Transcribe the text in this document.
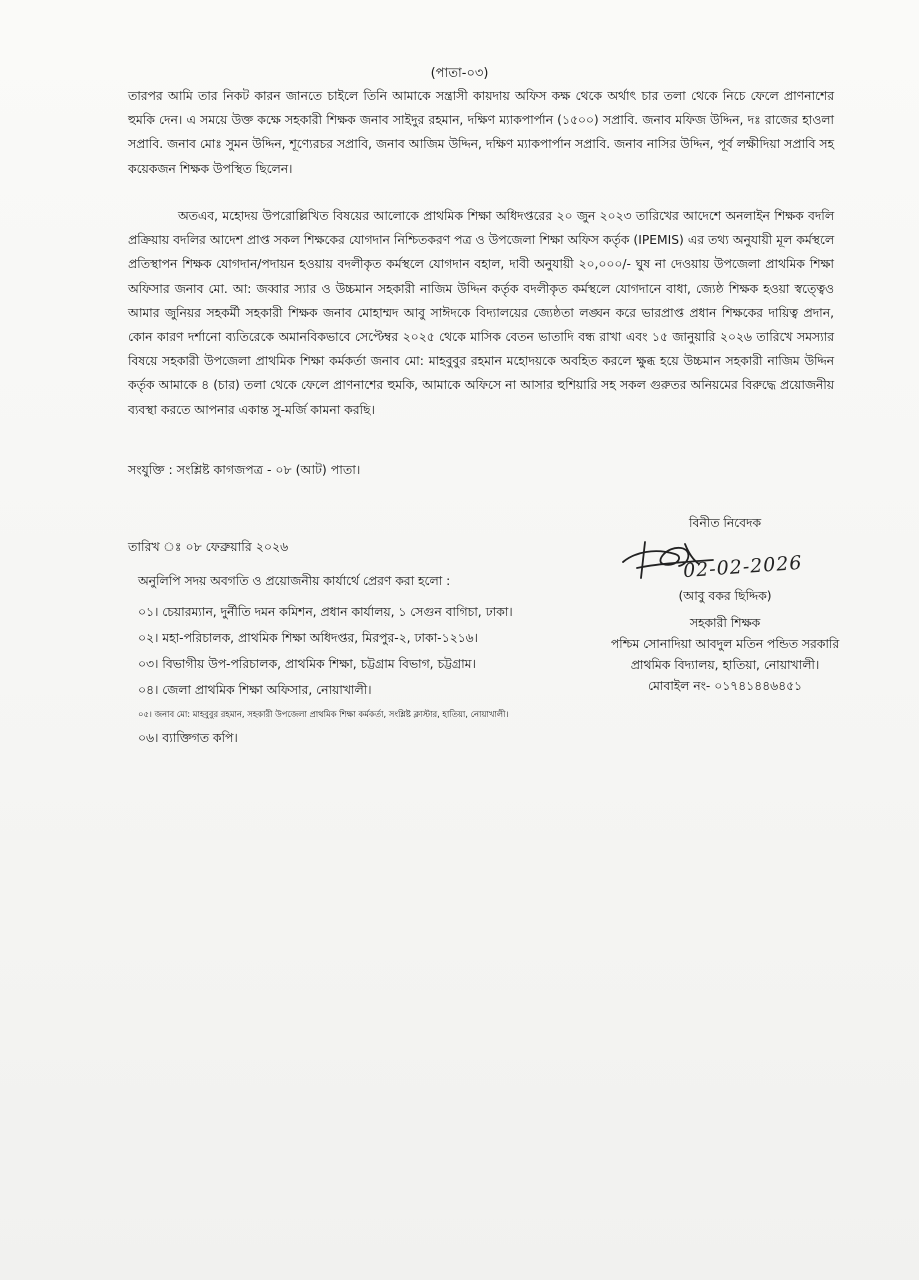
(পাতা-০৩)

তারপর আমি তার নিকট কারন জানতে চাইলে তিনি আমাকে সন্ত্রাসী কায়দায় অফিস কক্ষ থেকে অর্থাৎ চার তলা থেকে নিচে ফেলে প্রাণনাশের হুমকি দেন। এ সময়ে উক্ত কক্ষে সহকারী শিক্ষক জনাব সাইদুর রহমান, দক্ষিণ ম্যাকপার্পান (১৫০০) সপ্রাবি. জনাব মফিজ উদ্দিন, দঃ রাজের হাওলা সপ্রাবি. জনাব মোঃ সুমন উদ্দিন, শূণ্যেরচর সপ্রাবি, জনাব আজিম উদ্দিন, দক্ষিণ ম্যাকপার্পান সপ্রাবি. জনাব নাসির উদ্দিন, পূর্ব লক্ষীদিয়া সপ্রাবি সহ কয়েকজন শিক্ষক উপস্থিত ছিলেন।

অতএব, মহোদয় উপরোল্লিখিত বিষয়ের আলোকে প্রাথমিক শিক্ষা অধিদপ্তরের ২০ জুন ২০২৩ তারিখের আদেশে অনলাইন শিক্ষক বদলি প্রক্রিয়ায় বদলির আদেশ প্রাপ্ত সকল শিক্ষকের যোগদান নিশ্চিতকরণ পত্র ও উপজেলা শিক্ষা অফিস কর্তৃক (IPEMIS) এর তথ্য অনুযায়ী মূল কর্মস্থলে প্রতিস্থাপন শিক্ষক যোগদান/পদায়ন হওয়ায় বদলীকৃত কর্মস্থলে যোগদান বহাল, দাবী অনুযায়ী ২০,০০০/- ঘুষ না দেওয়ায় উপজেলা প্রাথমিক শিক্ষা অফিসার জনাব মো. আ: জব্বার স্যার ও উচ্চমান সহকারী নাজিম উদ্দিন কর্তৃক বদলীকৃত কর্মস্থলে যোগদানে বাধা, জ্যেষ্ঠ শিক্ষক হওয়া স্বত্ত্বেও আমার জুনিয়র সহকর্মী সহকারী শিক্ষক জনাব মোহাম্মদ আবু সাঈদকে বিদ্যালয়ের জ্যেষ্ঠতা লঙ্ঘন করে ভারপ্রাপ্ত প্রধান শিক্ষকের দায়িত্ব প্রদান, কোন কারণ দর্শানো ব্যতিরেকে অমানবিকভাবে সেপ্টেম্বর ২০২৫ থেকে মাসিক বেতন ভাতাদি বন্ধ রাখা এবং ১৫ জানুয়ারি ২০২৬ তারিখে সমস্যার বিষয়ে সহকারী উপজেলা প্রাথমিক শিক্ষা কর্মকর্তা জনাব মো: মাহবুবুর রহমান মহোদয়কে অবহিত করলে ক্ষুব্ধ হয়ে উচ্চমান সহকারী নাজিম উদ্দিন কর্তৃক আমাকে ৪ (চার) তলা থেকে ফেলে প্রাণনাশের হুমকি, আমাকে অফিসে না আসার হুশিয়ারি সহ সকল গুরুতর অনিয়মের বিরুদ্ধে প্রয়োজনীয় ব্যবস্থা করতে আপনার একান্ত সু-মর্জি কামনা করছি।

সংযুক্তি : সংশ্লিষ্ট কাগজপত্র - ০৮ (আট) পাতা।
তারিখ ঃ ০৮ ফেব্রুয়ারি ২০২৬
অনুলিপি সদয় অবগতি ও প্রয়োজনীয় কার্যার্থে প্রেরণ করা হলো :
০১। চেয়ারম্যান, দুর্নীতি দমন কমিশন, প্রধান কার্যালয়, ১ সেগুন বাগিচা, ঢাকা।
০২। মহা-পরিচালক, প্রাথমিক শিক্ষা অধিদপ্তর, মিরপুর-২, ঢাকা-১২১৬।
০৩। বিভাগীয় উপ-পরিচালক, প্রাথমিক শিক্ষা, চট্টগ্রাম বিভাগ, চট্টগ্রাম।
০৪। জেলা প্রাথমিক শিক্ষা অফিসার, নোয়াখালী।
০৫। জনাব মো: মাহবুবুর রহমান, সহকারী উপজেলা প্রাথমিক শিক্ষা কর্মকর্তা, সংশ্লিষ্ট ক্লাস্টার, হাতিয়া, নোয়াখালী।
০৬। ব্যাক্তিগত কপি।
বিনীত নিবেদক
02-02-2026
(আবু বকর ছিদ্দিক)
সহকারী শিক্ষক
পশ্চিম সোনাদিয়া আবদুল মতিন পন্ডিত সরকারি
প্রাথমিক বিদ্যালয়, হাতিয়া, নোয়াখালী।
মোবাইল নং- ০১৭৪১৪৪৬৪৫১
